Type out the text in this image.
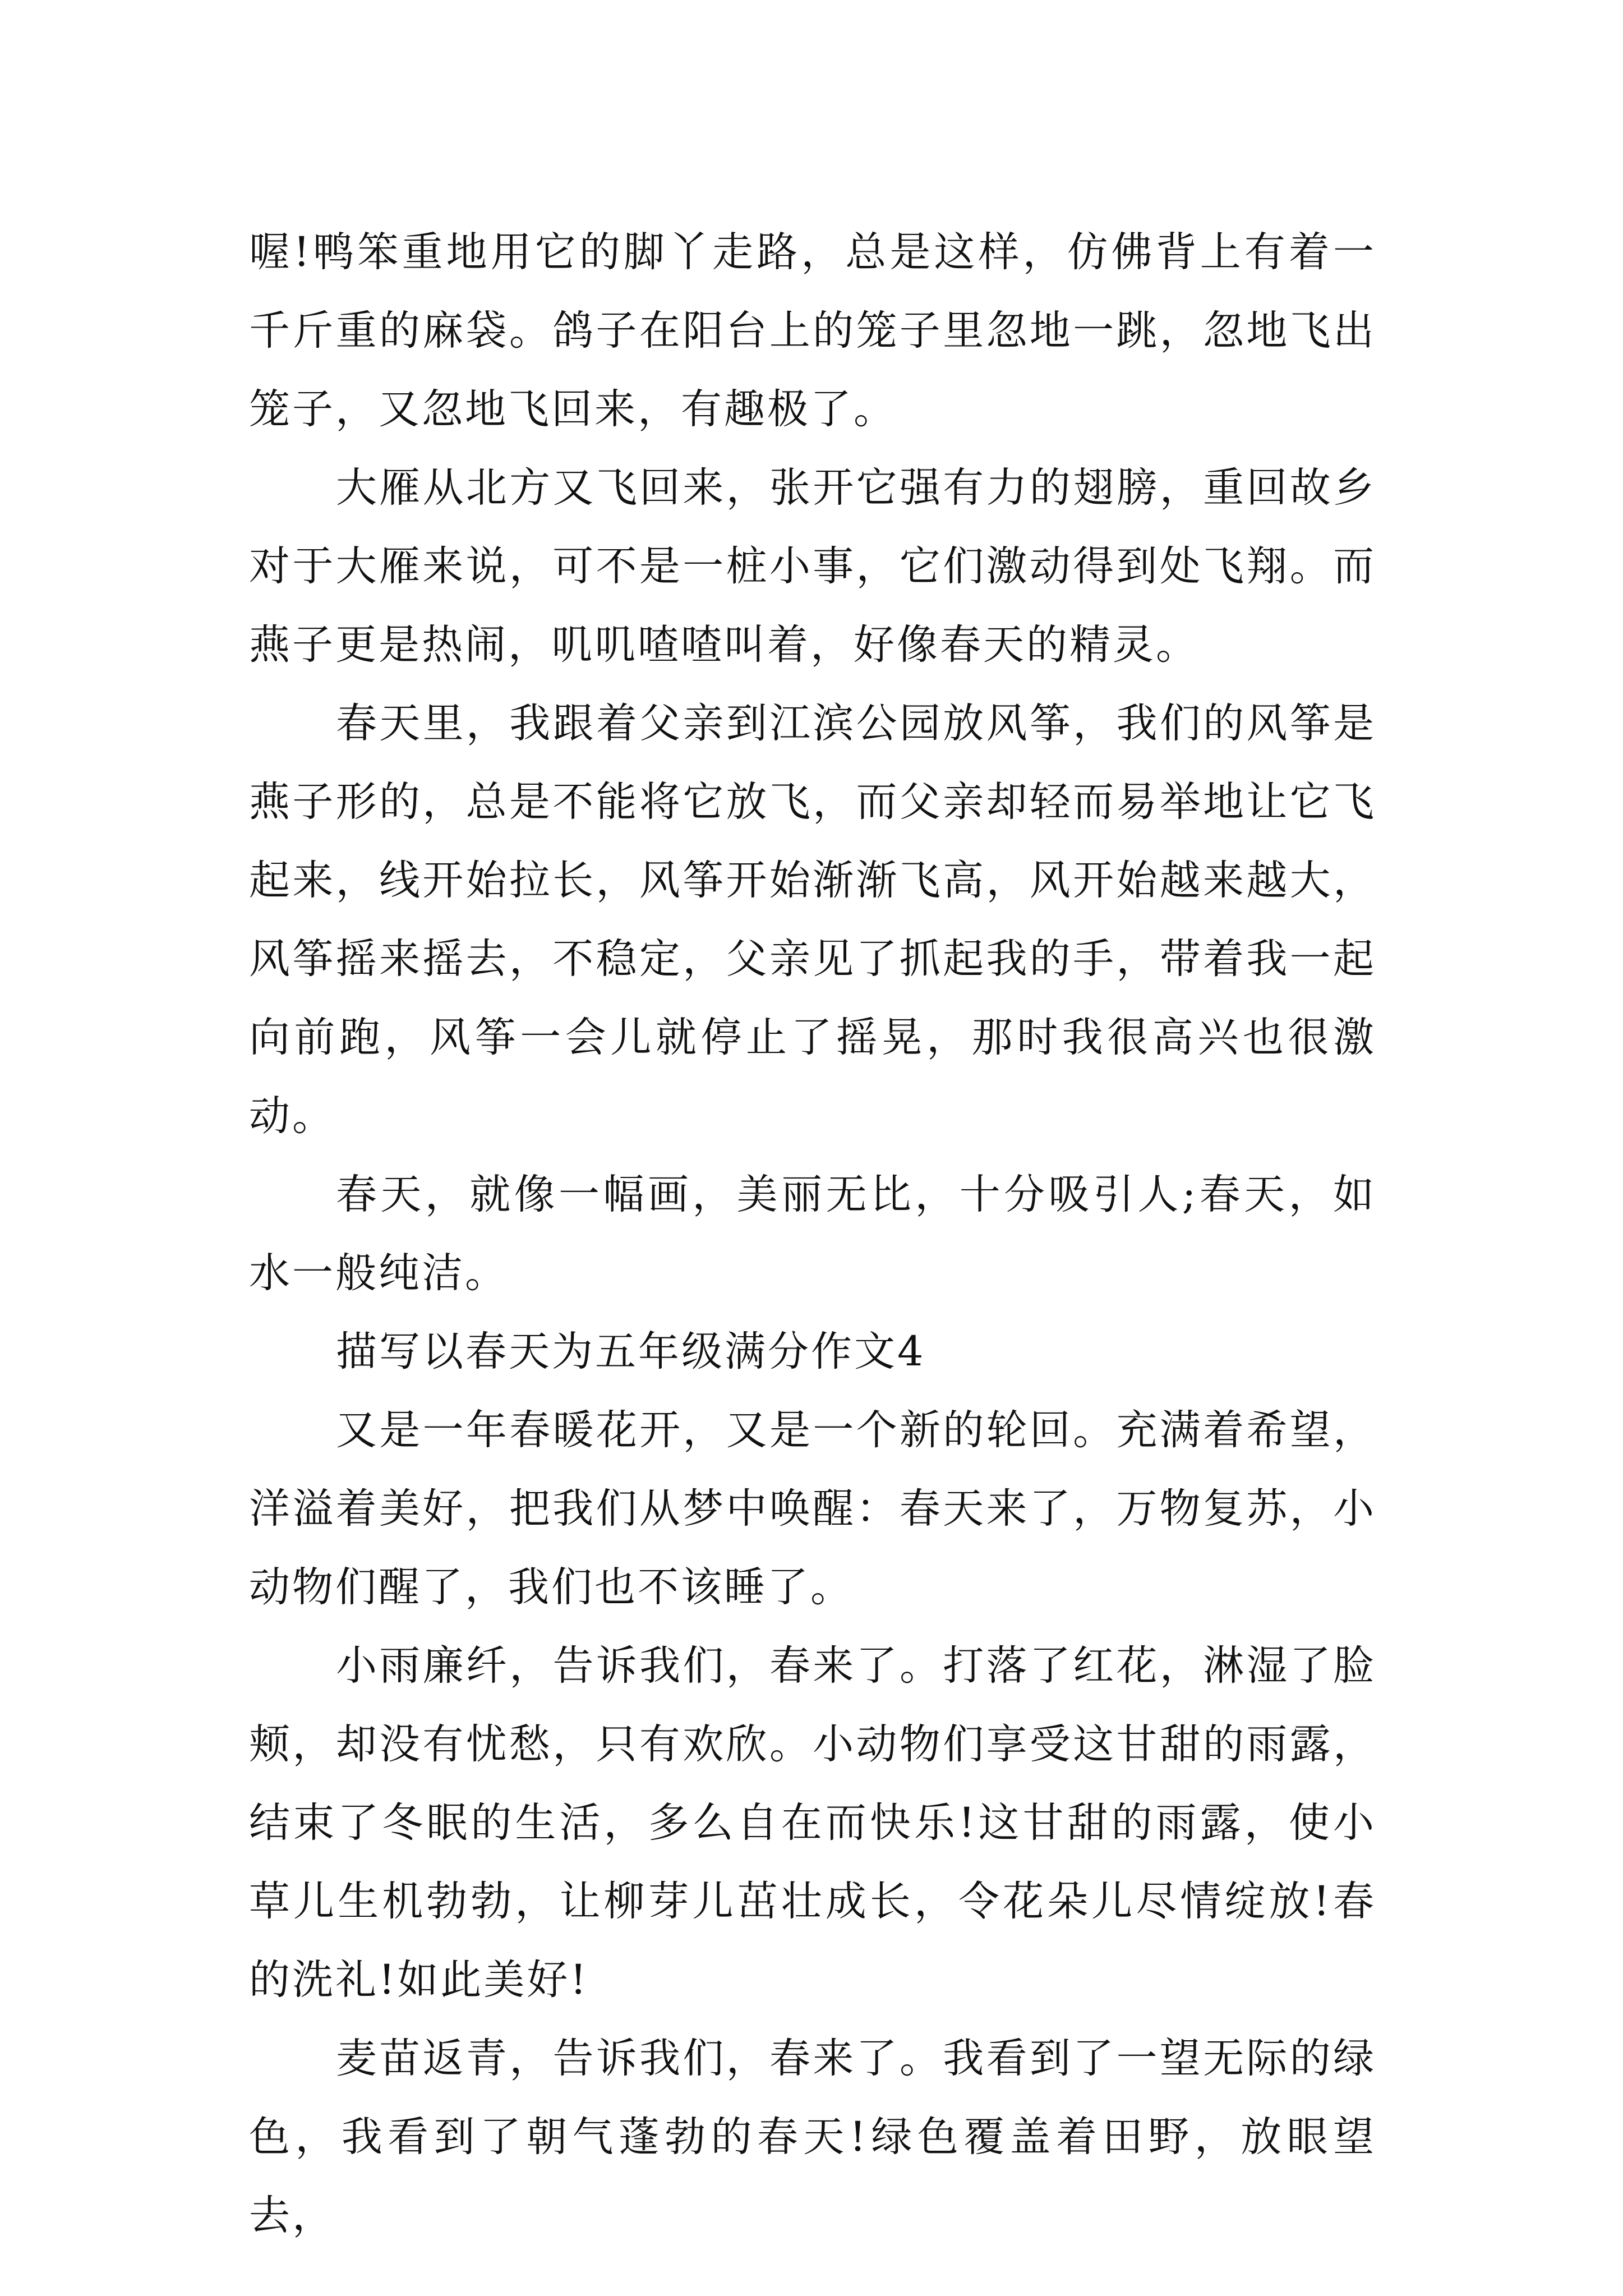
喔!鸭笨重地用它的脚丫走路，总是这样，仿佛背上有着一千斤重的麻袋。鸽子在阳台上的笼子里忽地一跳，忽地飞出笼子，又忽地飞回来，有趣极了。

大雁从北方又飞回来，张开它强有力的翅膀，重回故乡对于大雁来说，可不是一桩小事，它们激动得到处飞翔。而燕子更是热闹，叽叽喳喳叫着，好像春天的精灵。

春天里，我跟着父亲到江滨公园放风筝，我们的风筝是燕子形的，总是不能将它放飞，而父亲却轻而易举地让它飞起来，线开始拉长，风筝开始渐渐飞高，风开始越来越大，风筝摇来摇去，不稳定，父亲见了抓起我的手，带着我一起向前跑，风筝一会儿就停止了摇晃，那时我很高兴也很激动。

春天，就像一幅画，美丽无比，十分吸引人;春天，如水一般纯洁。

描写以春天为五年级满分作文4

又是一年春暖花开，又是一个新的轮回。充满着希望，洋溢着美好，把我们从梦中唤醒：春天来了，万物复苏，小动物们醒了，我们也不该睡了。

小雨廉纤，告诉我们，春来了。打落了红花，淋湿了脸颊，却没有忧愁，只有欢欣。小动物们享受这甘甜的雨露，结束了冬眠的生活，多么自在而快乐!这甘甜的雨露，使小草儿生机勃勃，让柳芽儿茁壮成长，令花朵儿尽情绽放!春的洗礼!如此美好!

麦苗返青，告诉我们，春来了。我看到了一望无际的绿色，我看到了朝气蓬勃的春天!绿色覆盖着田野，放眼望去，
